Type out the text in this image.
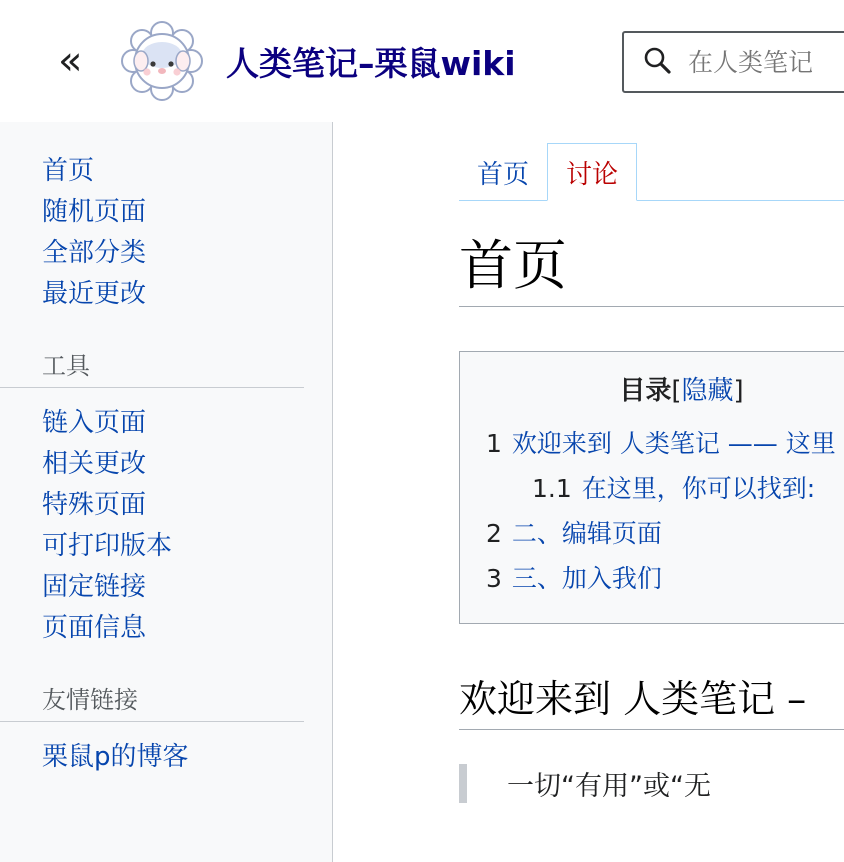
«	人类笔记–栗鼠wiki
在人类笔记
首页
随机页面
全部分类
最近更改
工具
链入页面
相关更改
特殊页面
可打印版本
固定链接
页面信息
友情链接
栗鼠p的博客
首页	讨论
首页
目录[隐藏]
1 欢迎来到 人类笔记 —— 这里
1.1 在这里，你可以找到:
2 二、编辑页面
3 三、加入我们
欢迎来到 人类笔记 –
一切“有用”或“无
